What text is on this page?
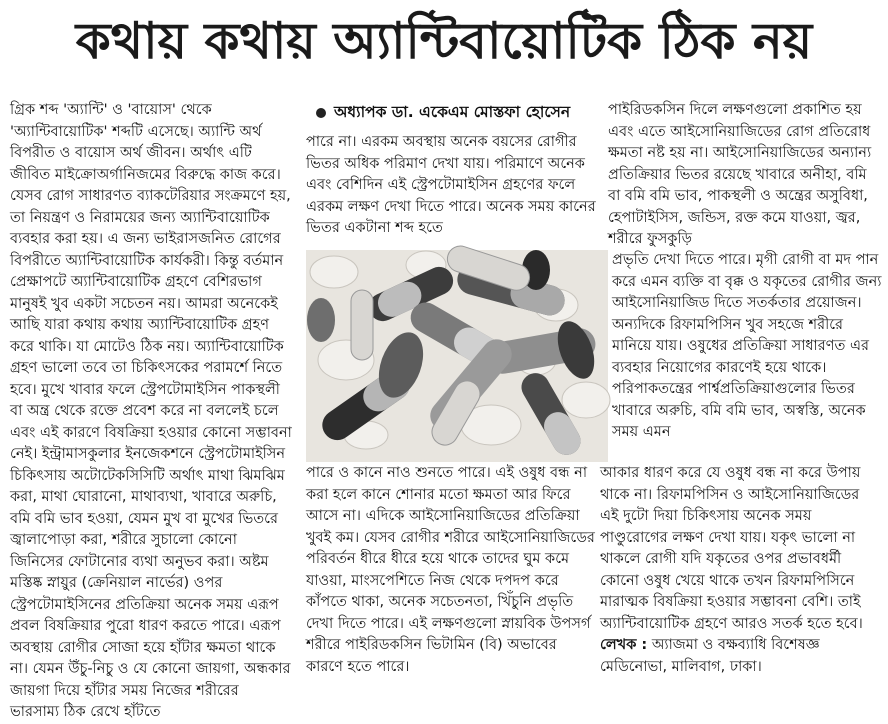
কথায় কথায় অ্যান্টিবায়োটিক ঠিক নয়

গ্রিক শব্দ 'অ্যান্টি' ও 'বায়োস' থেকে 'অ্যান্টিবায়োটিক' শব্দটি এসেছে। অ্যান্টি অর্থ বিপরীত ও বায়োস অর্থ জীবন। অর্থাৎ এটি জীবিত মাইক্রোঅর্গানিজমের বিরুদ্ধে কাজ করে। যেসব রোগ সাধারণত ব্যাকটেরিয়ার সংক্রমণে হয়, তা নিয়ন্ত্রণ ও নিরাময়ের জন্য অ্যান্টিবায়োটিক ব্যবহার করা হয়। এ জন্য ভাইরাসজনিত রোগের বিপরীতে অ্যান্টিবায়োটিক কার্যকরী। কিন্তু বর্তমান প্রেক্ষাপটে অ্যান্টিবায়োটিক গ্রহণে বেশিরভাগ মানুষই খুব একটা সচেতন নয়। আমরা অনেকেই আছি যারা কথায় কথায় অ্যান্টিবায়োটিক গ্রহণ করে থাকি। যা মোটেও ঠিক নয়। অ্যান্টিবায়োটিক গ্রহণ ভালো তবে তা চিকিৎসকের পরামর্শে নিতে হবে। মুখে খাবার ফলে স্ট্রেপটোমাইসিন পাকস্থলী বা অন্ত্র থেকে রক্তে প্রবেশ করে না বললেই চলে এবং এই কারণে বিষক্রিয়া হওয়ার কোনো সম্ভাবনা নেই। ইন্ট্রামাসকুলার ইনজেকশনে স্ট্রেপটোমাইসিন চিকিৎসায় অটোটেকসিসিটি অর্থাৎ মাথা ঝিমঝিম করা, মাথা ঘোরানো, মাথাব্যথা, খাবারে অরুচি, বমি বমি ভাব হওয়া, যেমন মুখ বা মুখের ভিতরে জ্বালাপোড়া করা, শরীরে সুচালো কোনো জিনিসের ফোটানোর ব্যথা অনুভব করা। অষ্টম মস্তিষ্ক স্নায়ুর (ক্রেনিয়াল নার্ভের) ওপর স্ট্রেপটোমাইসিনের প্রতিক্রিয়া অনেক সময় এরূপ প্রবল বিষক্রিয়ার পুরো ধারণ করতে পারে। এরূপ অবস্থায় রোগীর সোজা হয়ে হাঁটার ক্ষমতা থাকে না। যেমন উঁচু-নিচু ও যে কোনো জায়গা, অন্ধকার জায়গা দিয়ে হাঁটার সময় নিজের শরীরের ভারসাম্য ঠিক রেখে হাঁটতে

অধ্যাপক ডা. একেএম মোস্তফা হোসেন

পারে না। এরকম অবস্থায় অনেক বয়সের রোগীর ভিতর অধিক পরিমাণ দেখা যায়। পরিমাণে অনেক এবং বেশিদিন এই স্ট্রেপটোমাইসিন গ্রহণের ফলে এরকম লক্ষণ দেখা দিতে পারে। অনেক সময় কানের ভিতর একটানা শব্দ হতে

পাইরিডকসিন দিলে লক্ষণগুলো প্রকাশিত হয় এবং এতে আইসোনিয়াজিডের রোগ প্রতিরোধ ক্ষমতা নষ্ট হয় না। আইসোনিয়াজিডের অন্যান্য প্রতিক্রিয়ার ভিতর রয়েছে খাবারে অনীহা, বমি বা বমি বমি ভাব, পাকস্থলী ও অন্ত্রের অসুবিধা, হেপাটাইসিস, জন্ডিস, রক্ত কমে যাওয়া, জ্বর, শরীরে ফুসকুড়ি

প্রভৃতি দেখা দিতে পারে। মৃগী রোগী বা মদ পান করে এমন ব্যক্তি বা বৃক্ক ও যকৃতের রোগীর জন্য আইসোনিয়াজিড দিতে সতর্কতার প্রয়োজন। অন্যদিকে রিফামপিসিন খুব সহজে শরীরে মানিয়ে যায়। ওষুধের প্রতিক্রিয়া সাধারণত এর ব্যবহার নিয়োগের কারণেই হয়ে থাকে। পরিপাকতন্ত্রের পার্শ্বপ্রতিক্রিয়াগুলোর ভিতর খাবারে অরুচি, বমি বমি ভাব, অস্বস্তি, অনেক সময় এমন

পারে ও কানে নাও শুনতে পারে। এই ওষুধ বন্ধ না করা হলে কানে শোনার মতো ক্ষমতা আর ফিরে আসে না। এদিকে আইসোনিয়াজিডের প্রতিক্রিয়া খুবই কম। যেসব রোগীর শরীরে আইসোনিয়াজিডের পরিবর্তন ধীরে ধীরে হয়ে থাকে তাদের ঘুম কমে যাওয়া, মাংসপেশিতে নিজ থেকে দপদপ করে কাঁপতে থাকা, অনেক সচেতনতা, খিঁচুনি প্রভৃতি দেখা দিতে পারে। এই লক্ষণগুলো স্নায়বিক উপসর্গ শরীরে পাইরিডকসিন ভিটামিন (বি) অভাবের কারণে হতে পারে।

আকার ধারণ করে যে ওষুধ বন্ধ না করে উপায় থাকে না। রিফামপিসিন ও আইসোনিয়াজিডের এই দুটো দিয়া চিকিৎসায় অনেক সময় পাণ্ডুরোগের লক্ষণ দেখা যায়। যকৃৎ ভালো না থাকলে রোগী যদি যকৃতের ওপর প্রভাবধর্মী কোনো ওষুধ খেয়ে থাকে তখন রিফামপিসিনে মারাত্মক বিষক্রিয়া হওয়ার সম্ভাবনা বেশি। তাই অ্যান্টিবায়োটিক গ্রহণে আরও সতর্ক হতে হবে। লেখক : অ্যাজমা ও বক্ষব্যাধি বিশেষজ্ঞ মেডিনোভা, মালিবাগ, ঢাকা।
